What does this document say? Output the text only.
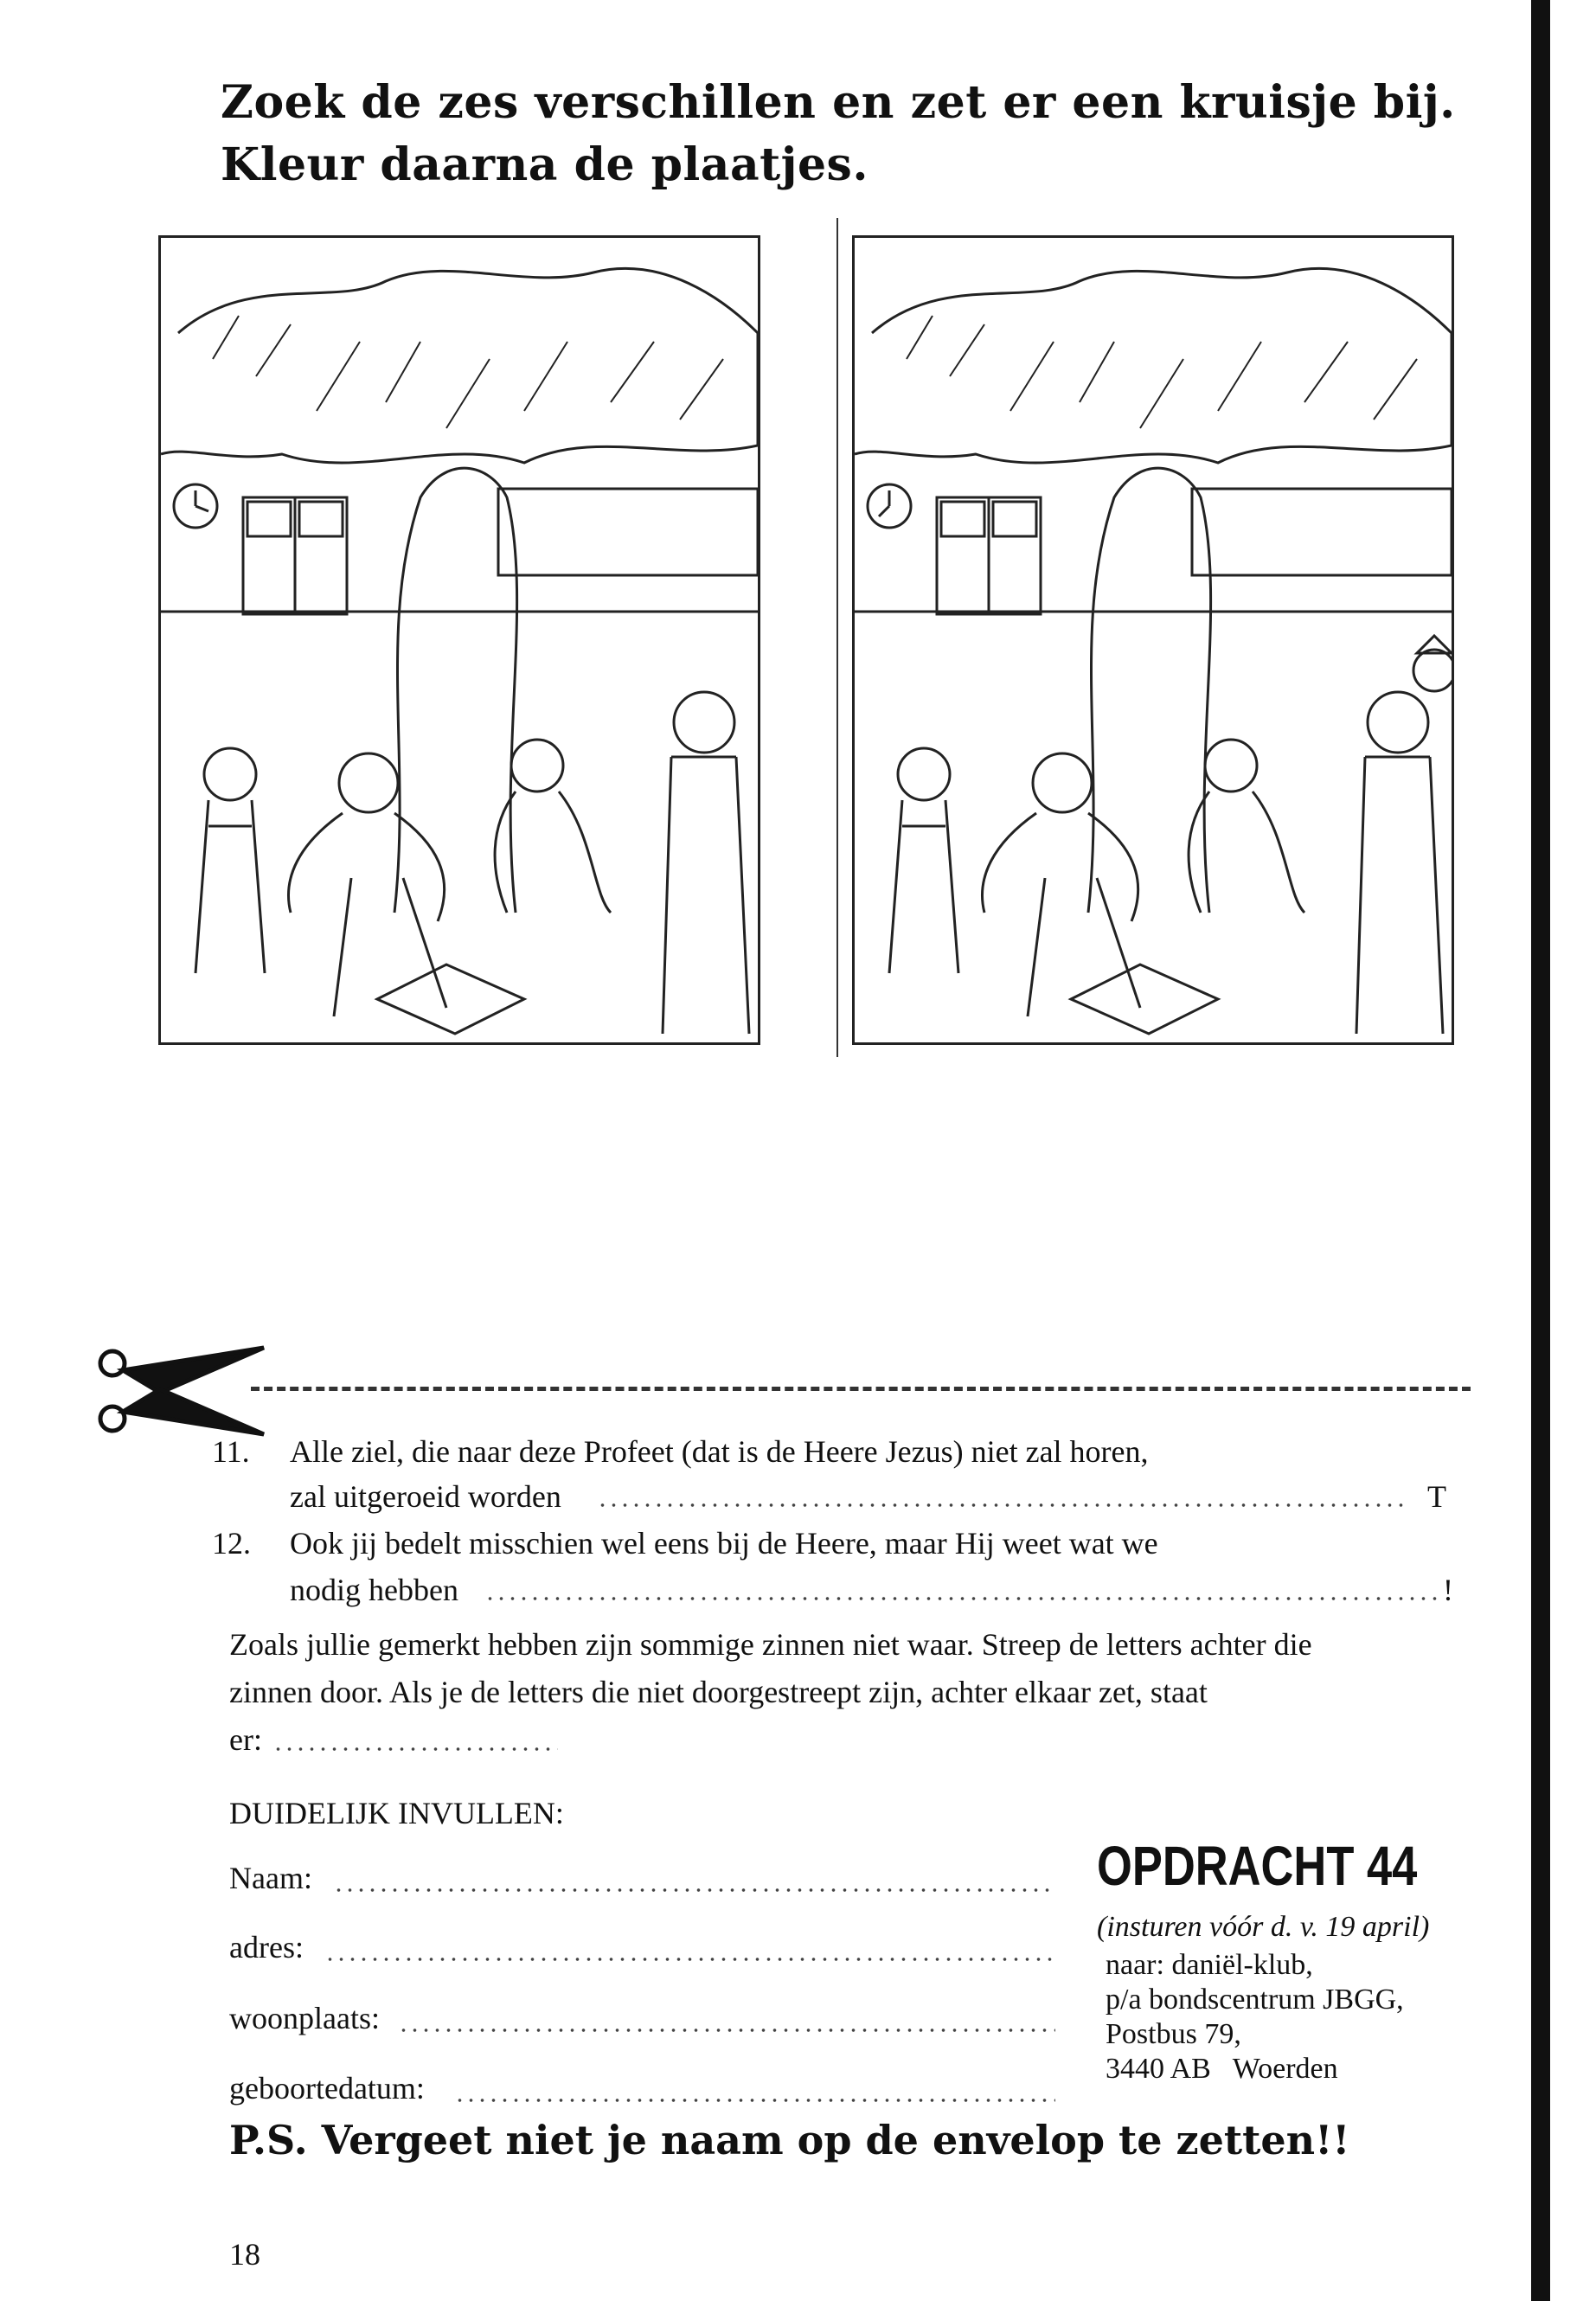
Zoek de zes verschillen en zet er een kruisje bij.
Kleur daarna de plaatjes.
11. Alle ziel, die naar deze Profeet (dat is de Heere Jezus) niet zal horen,
zal uitgeroeid worden	T
12. Ook jij bedelt misschien wel eens bij de Heere, maar Hij weet wat we
nodig hebben	!
Zoals jullie gemerkt hebben zijn sommige zinnen niet waar. Streep de letters achter die
zinnen door. Als je de letters die niet doorgestreept zijn, achter elkaar zet, staat
er:
DUIDELIJK INVULLEN:
Naam:
adres:
woonplaats:
geboortedatum:
OPDRACHT 44
(insturen vóór d. v. 19 april)
naar: daniël-klub,
p/a bondscentrum JBGG,
Postbus 79,
3440 AB   Woerden
P.S. Vergeet niet je naam op de envelop te zetten!!
18
